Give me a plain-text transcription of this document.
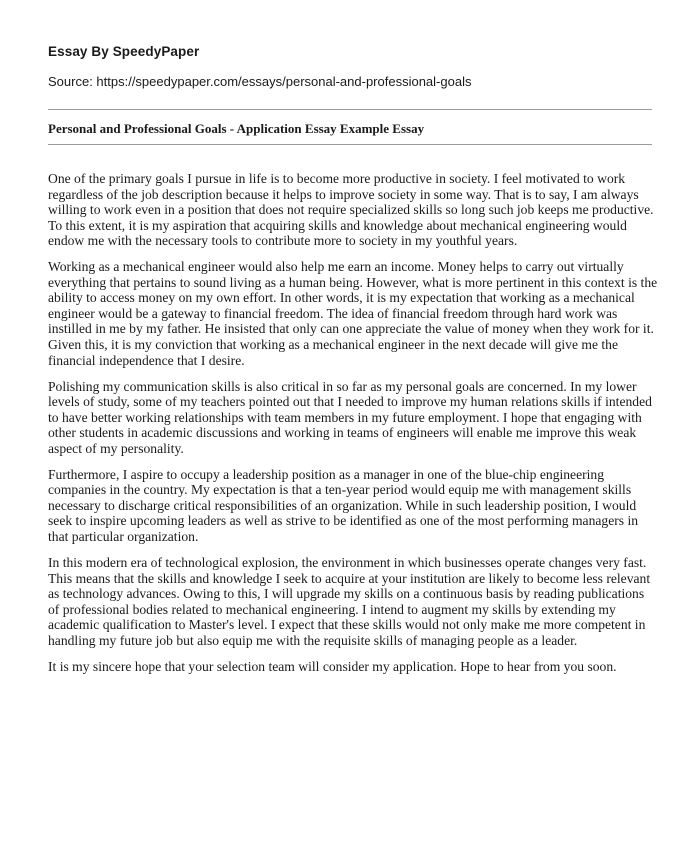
Essay By SpeedyPaper
Source: https://speedypaper.com/essays/personal-and-professional-goals
Personal and Professional Goals - Application Essay Example Essay

One of the primary goals I pursue in life is to become more productive in society. I feel motivated to work regardless of the job description because it helps to improve society in some way. That is to say, I am always willing to work even in a position that does not require specialized skills so long such job keeps me productive. To this extent, it is my aspiration that acquiring skills and knowledge about mechanical engineering would endow me with the necessary tools to contribute more to society in my youthful years.

Working as a mechanical engineer would also help me earn an income. Money helps to carry out virtually everything that pertains to sound living as a human being. However, what is more pertinent in this context is the ability to access money on my own effort. In other words, it is my expectation that working as a mechanical engineer would be a gateway to financial freedom. The idea of financial freedom through hard work was instilled in me by my father. He insisted that only can one appreciate the value of money when they work for it. Given this, it is my conviction that working as a mechanical engineer in the next decade will give me the financial independence that I desire.

Polishing my communication skills is also critical in so far as my personal goals are concerned. In my lower levels of study, some of my teachers pointed out that I needed to improve my human relations skills if intended to have better working relationships with team members in my future employment. I hope that engaging with other students in academic discussions and working in teams of engineers will enable me improve this weak aspect of my personality.

Furthermore, I aspire to occupy a leadership position as a manager in one of the blue-chip engineering companies in the country. My expectation is that a ten-year period would equip me with management skills necessary to discharge critical responsibilities of an organization. While in such leadership position, I would seek to inspire upcoming leaders as well as strive to be identified as one of the most performing managers in that particular organization.

In this modern era of technological explosion, the environment in which businesses operate changes very fast. This means that the skills and knowledge I seek to acquire at your institution are likely to become less relevant as technology advances. Owing to this, I will upgrade my skills on a continuous basis by reading publications of professional bodies related to mechanical engineering. I intend to augment my skills by extending my academic qualification to Master's level. I expect that these skills would not only make me more competent in handling my future job but also equip me with the requisite skills of managing people as a leader.

It is my sincere hope that your selection team will consider my application. Hope to hear from you soon.
